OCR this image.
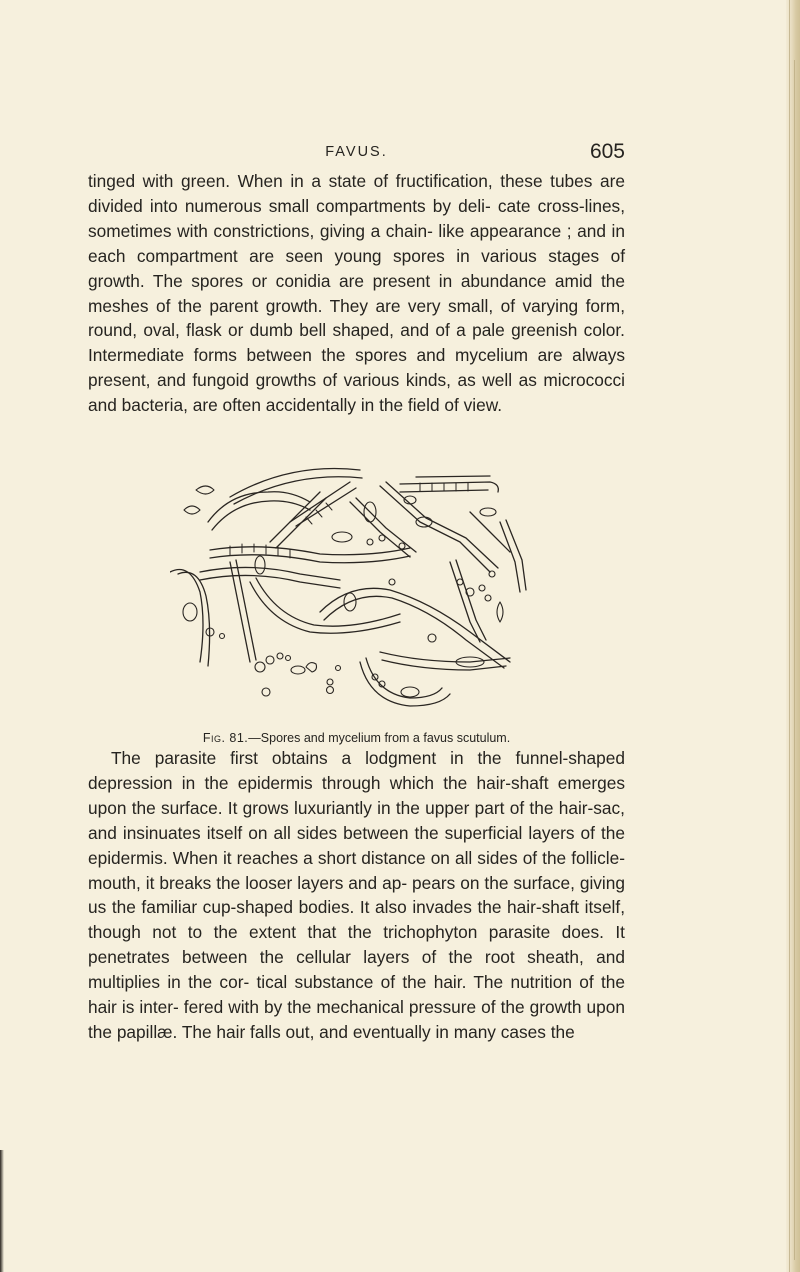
FAVUS.	605

tinged with green. When in a state of fructification, these tubes are divided into numerous small compartments by deli- cate cross-lines, sometimes with constrictions, giving a chain- like appearance ; and in each compartment are seen young spores in various stages of growth. The spores or conidia are present in abundance amid the meshes of the parent growth. They are very small, of varying form, round, oval, flask or dumb bell shaped, and of a pale greenish color. Intermediate forms between the spores and mycelium are always present, and fungoid growths of various kinds, as well as micrococci and bacteria, are often accidentally in the field of view.

Fig. 81.—Spores and mycelium from a favus scutulum.

The parasite first obtains a lodgment in the funnel-shaped depression in the epidermis through which the hair-shaft emerges upon the surface. It grows luxuriantly in the upper part of the hair-sac, and insinuates itself on all sides between the superficial layers of the epidermis. When it reaches a short distance on all sides of the follicle-mouth, it breaks the looser layers and ap- pears on the surface, giving us the familiar cup-shaped bodies. It also invades the hair-shaft itself, though not to the extent that the trichophyton parasite does. It penetrates between the cellular layers of the root sheath, and multiplies in the cor- tical substance of the hair. The nutrition of the hair is inter- fered with by the mechanical pressure of the growth upon the papillæ. The hair falls out, and eventually in many cases the
